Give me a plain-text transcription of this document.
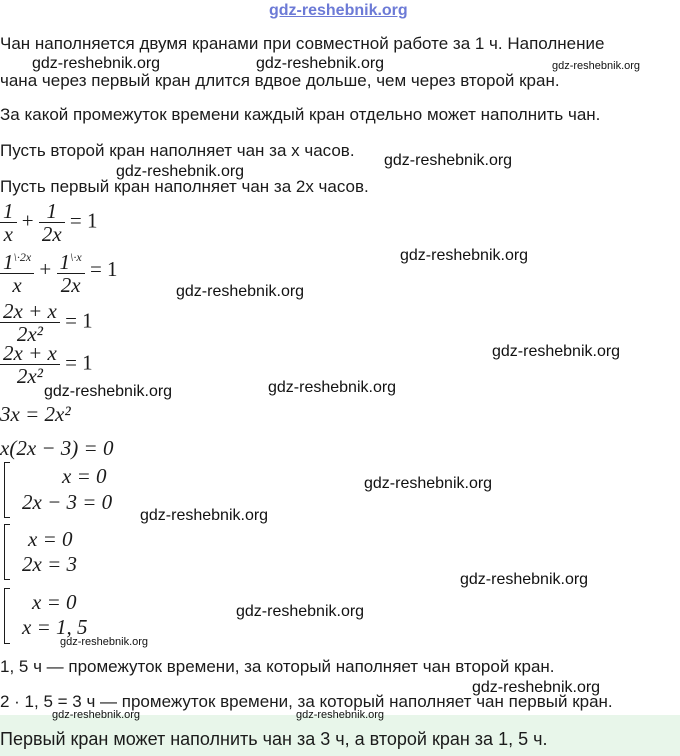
gdz-reshebnik.org
Чан наполняется двумя кранами при совместной работе за 1 ч. Наполнение
чана через первый кран длится вдвое дольше, чем через второй кран.
За какой промежуток времени каждый кран отдельно может наполнить чан.
Пусть второй кран наполняет чан за x часов.
Пусть первый кран наполняет чан за 2x часов.
$\frac{1}{x} + \frac{1}{2x} = 1$
$\frac{1^{\backslash\cdot 2x}}{x} + \frac{1^{\backslash\cdot x}}{2x} = 1$
$\frac{2x + x}{\text{2x²}} = 1$
$\frac{2x + x}{\text{2x²}} = 1$
3x = 2x²
x(2x − 3) = 0
x = 0
2x − 3 = 0
x = 0
2x = 3
x = 0
x = 1, 5
1, 5 ч — промежуток времени, за который наполняет чан второй кран.
2 · 1, 5 = 3 ч — промежуток времени, за который наполняет чан первый кран.
Первый кран может наполнить чан за 3 ч, а второй кран за 1, 5 ч.
gdz-reshebnik.org	gdz-reshebnik.org	gdz-reshebnik.org
gdz-reshebnik.org
gdz-reshebnik.org
gdz-reshebnik.org
gdz-reshebnik.org
gdz-reshebnik.org
gdz-reshebnik.org
gdz-reshebnik.org
gdz-reshebnik.org
gdz-reshebnik.org
gdz-reshebnik.org
gdz-reshebnik.org
gdz-reshebnik.org
gdz-reshebnik.org
gdz-reshebnik.org	gdz-reshebnik.org
